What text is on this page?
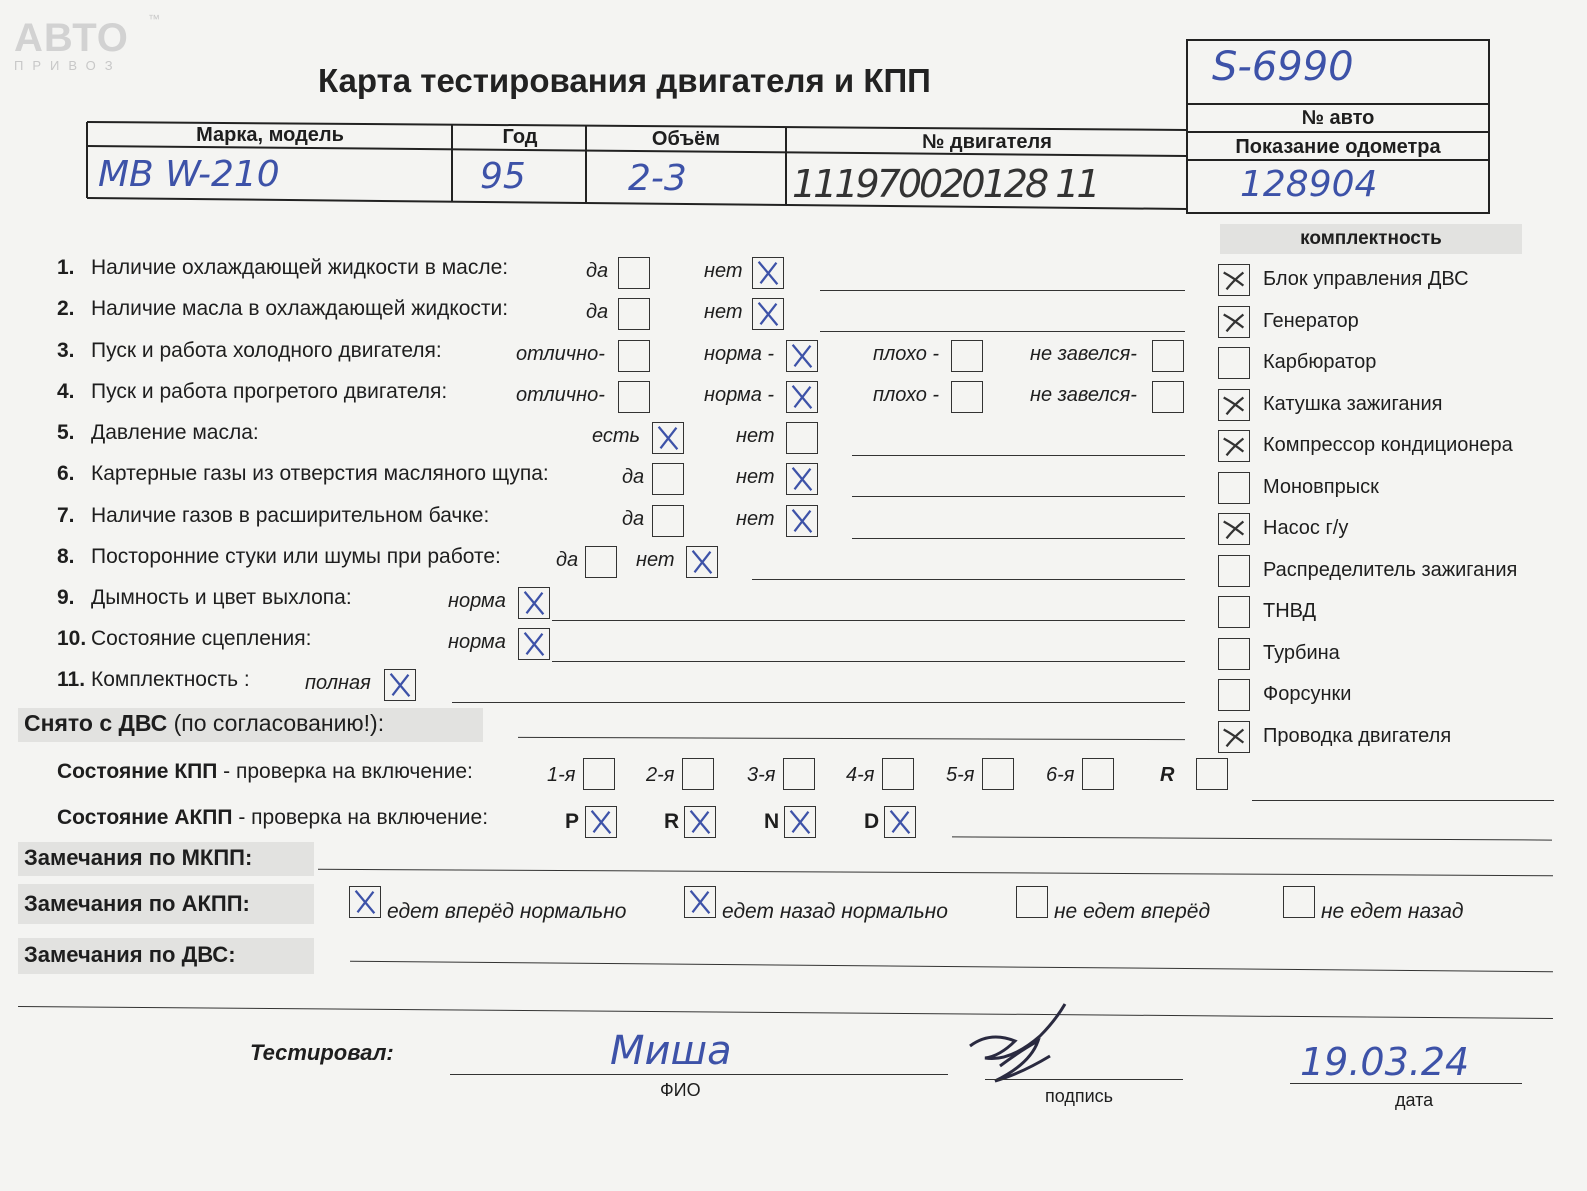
АВТО
ПРИВОЗ
™
Карта тестирования двигателя и КПП
Марка, модель	Год	Объём	№ двигателя
№ авто
Показание одометра
МВ W-210	95	2-3	111970020128 11
S-6990
128904
1. Наличие охлаждающей жидкости в масле:	да	нет
2. Наличие масла в охлаждающей жидкости:	да	нет
3. Пуск и работа холодного двигателя:	отлично-	норма -	плохо -	не завелся-
4. Пуск и работа прогретого двигателя:	отлично-	норма -	плохо -	не завелся-
5. Давление масла:	есть	нет
6. Картерные газы из отверстия масляного щупа:	да	нет
7. Наличие газов в расширительном бачке:	да	нет
8. Посторонние стуки или шумы при работе:	да	нет
9. Дымность и цвет выхлопа:	норма
10. Состояние сцепления:	норма
11. Комплектность :	полная
комплектность
Блок управления ДВС
Генератор
Карбюратор
Катушка зажигания
Компрессор кондиционера
Моновпрыск
Насос г/у
Распределитель зажигания
ТНВД
Турбина
Форсунки
Проводка двигателя
Снято с ДВС (по согласованию!):
Состояние КПП - проверка на включение:	1-я	2-я	3-я	4-я	5-я	6-я	R
Состояние АКПП - проверка на включение:	P	R	N	D
Замечания по МКПП:
Замечания по АКПП:	едет вперёд нормально	едет назад нормально	не едет вперёд	не едет назад
Замечания по ДВС:
Тестировал:	Миша
ФИО	подпись
19.03.24
дата
